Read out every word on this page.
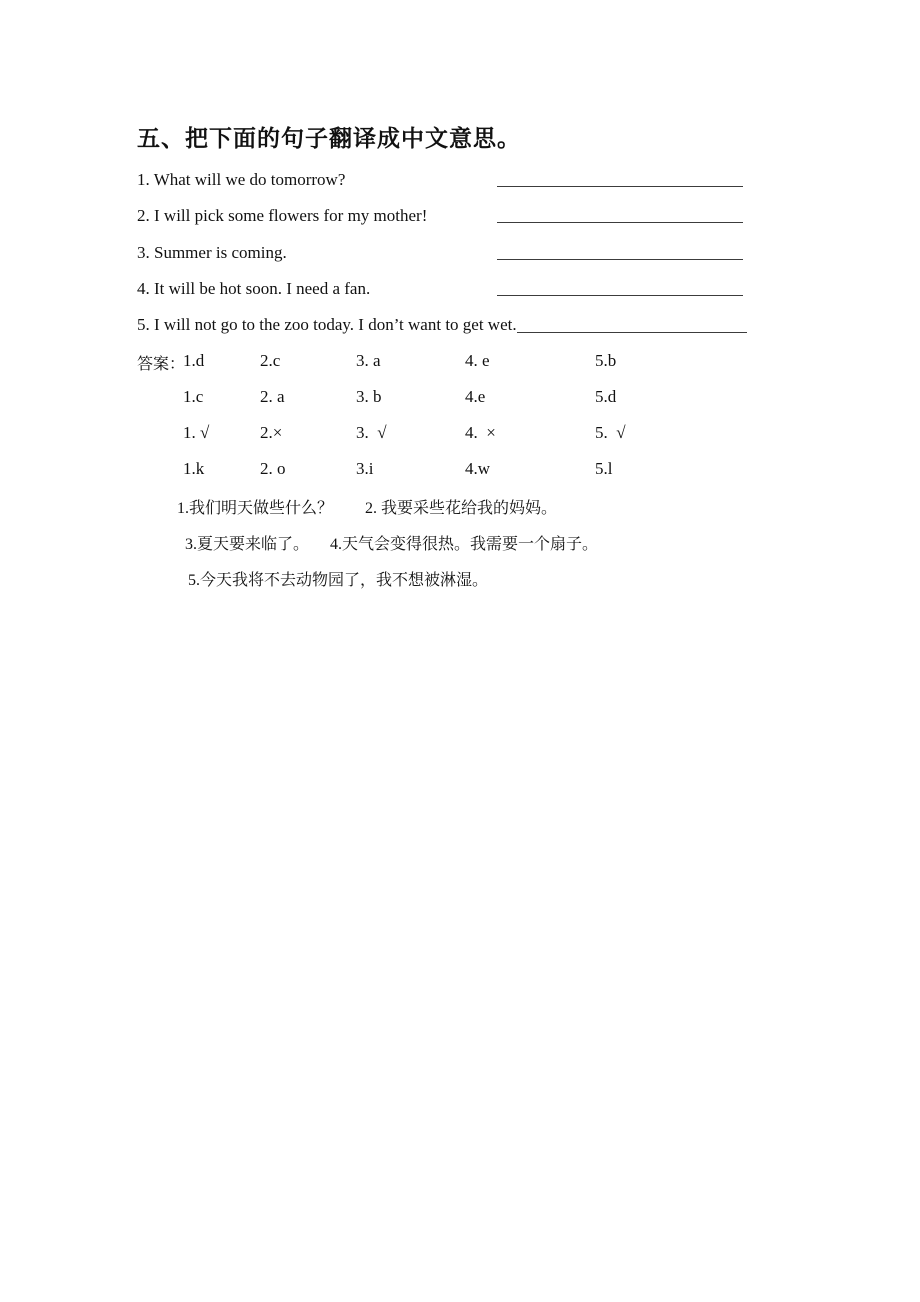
五、把下面的句子翻译成中文意思。
1. What will we do tomorrow?
2. I will pick some flowers for my mother!
3. Summer is coming.
4. It will be hot soon. I need a fan.
5. I will not go to the zoo today. I don’t want to get wet.
答案：
1.d	2.c	3. a	4. e	5.b
1.c	2. a	3. b	4.e	5.d
1. √	2.×	3.  √	4.  ×	5.  √
1.k	2. o	3.i	4.w	5.l
1.我们明天做些什么？ 2. 我要采些花给我的妈妈。
3.夏天要来临了。 4.天气会变得很热。我需要一个扇子。
5.今天我将不去动物园了，我不想被淋湿。
